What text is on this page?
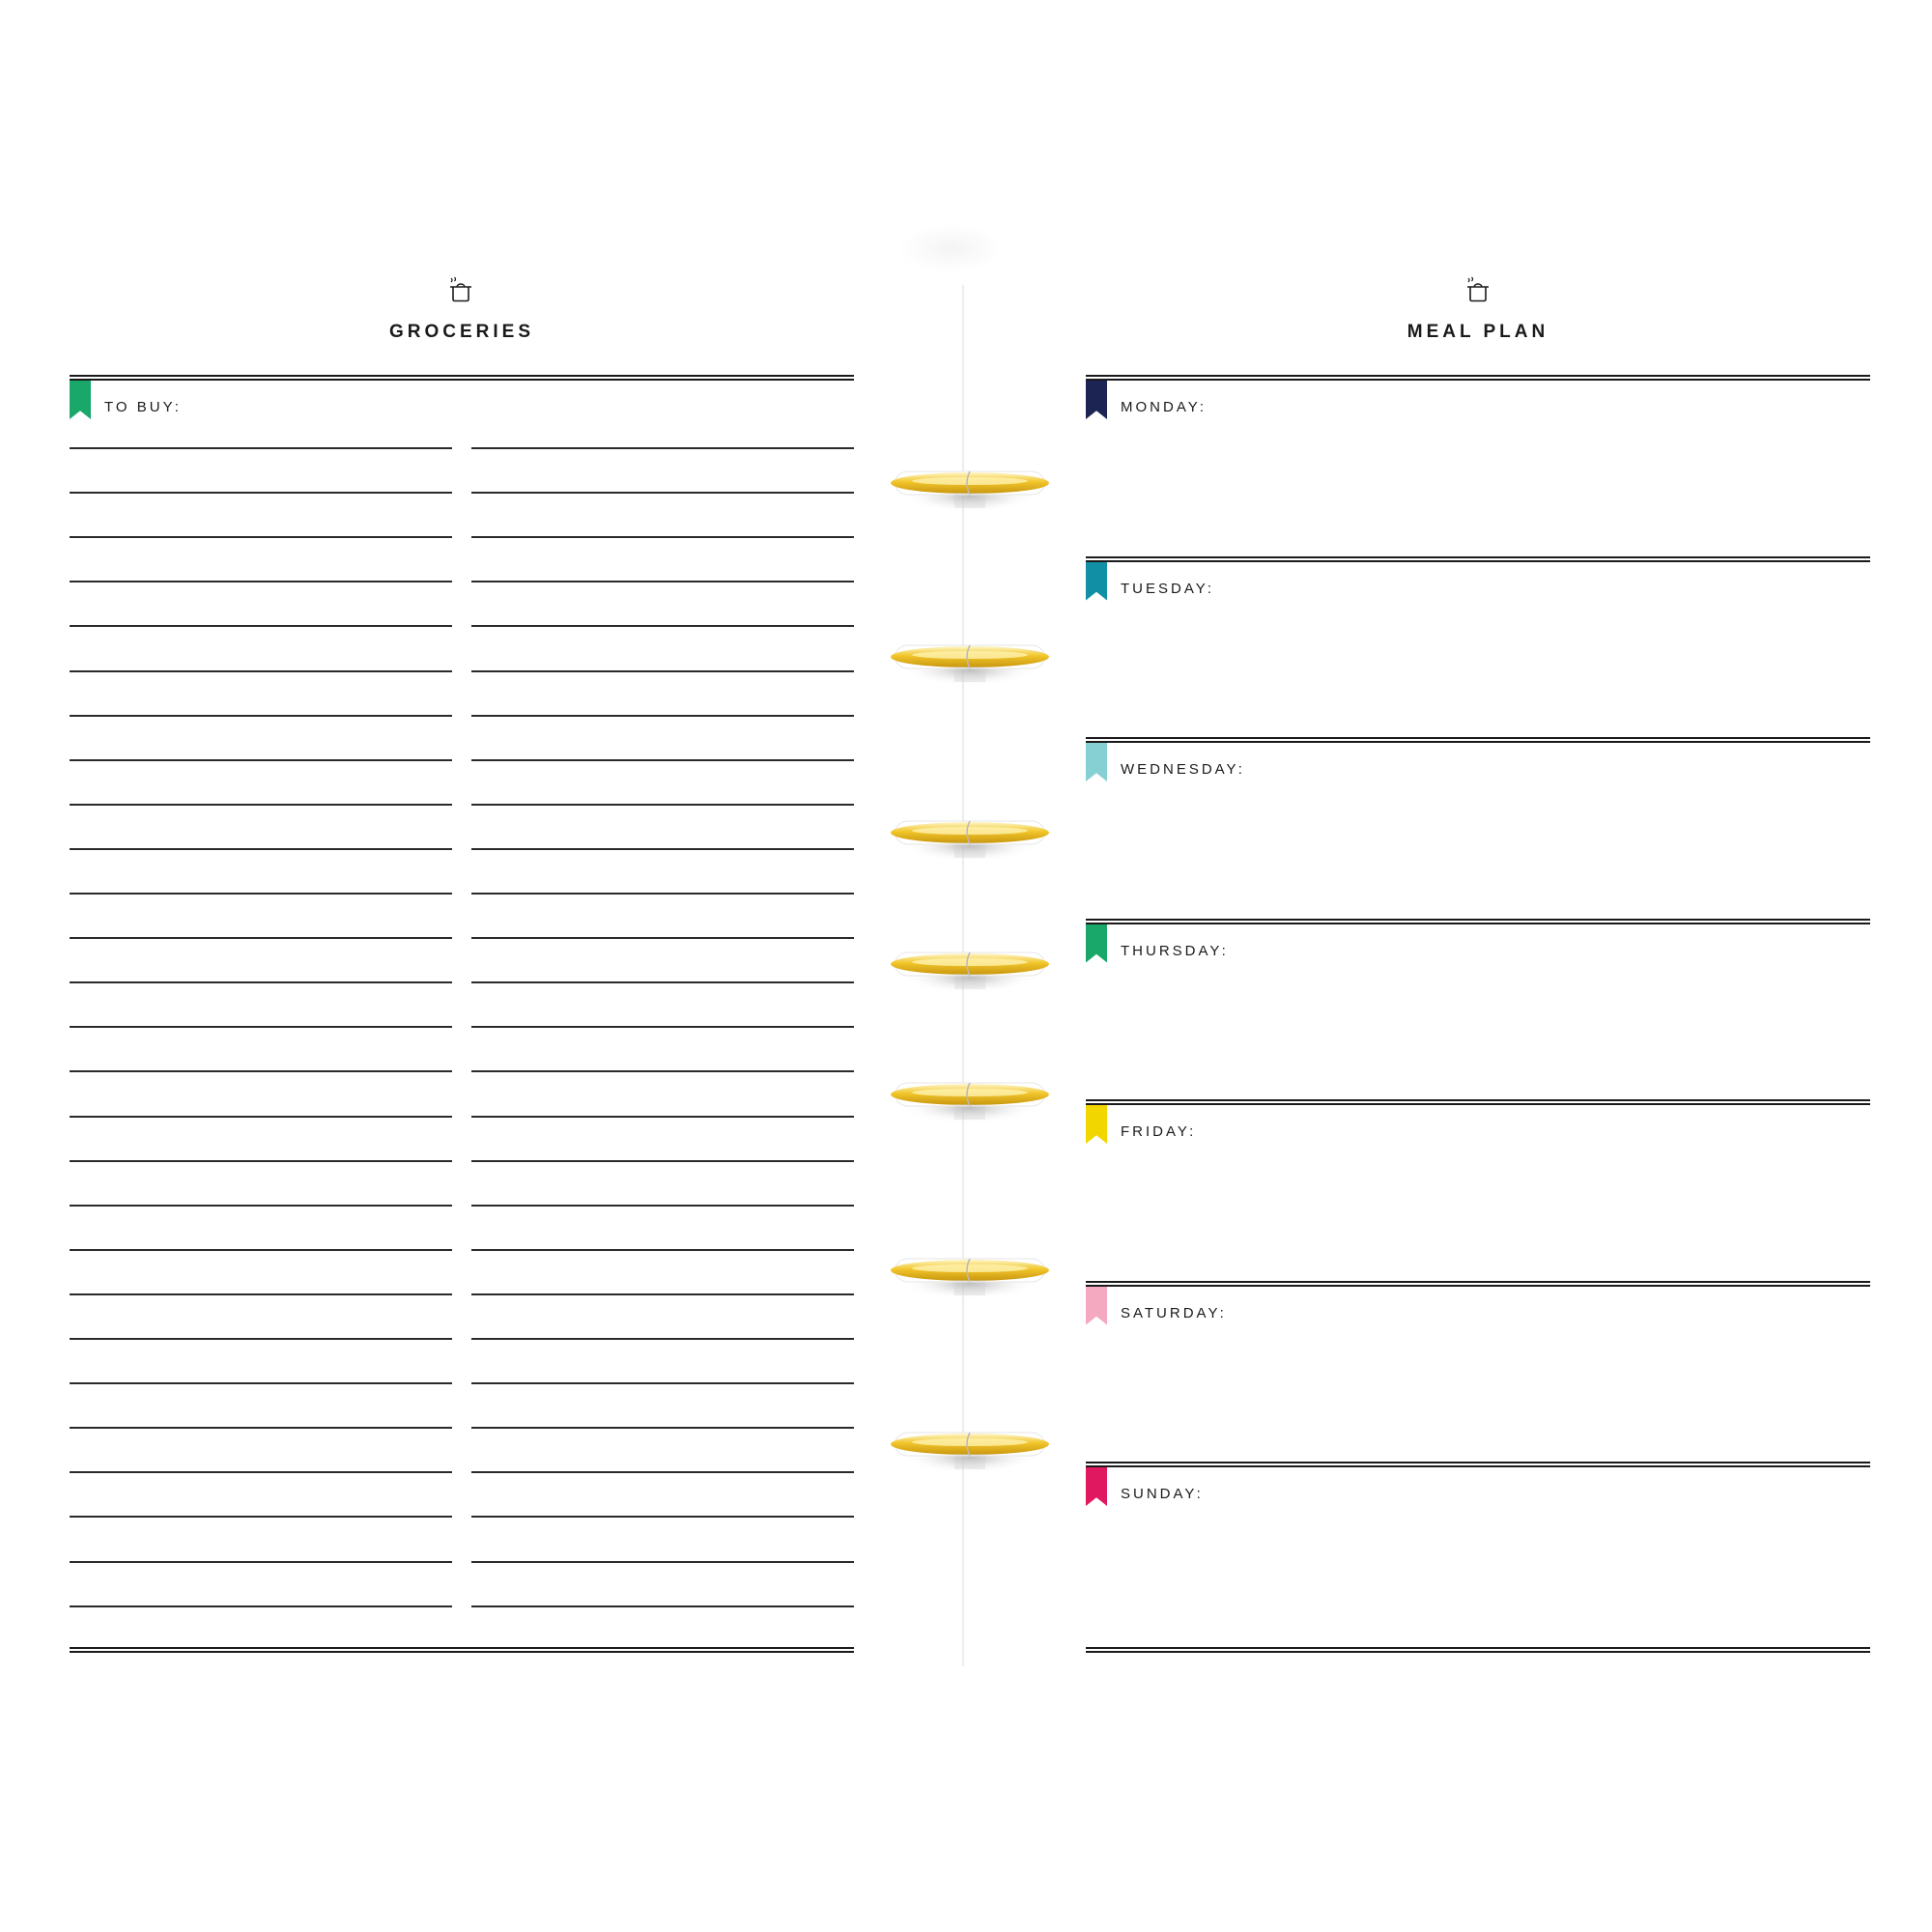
GROCERIES
TO BUY:
MEAL PLAN
MONDAY:
TUESDAY:
WEDNESDAY:
THURSDAY:
FRIDAY:
SATURDAY:
SUNDAY:
